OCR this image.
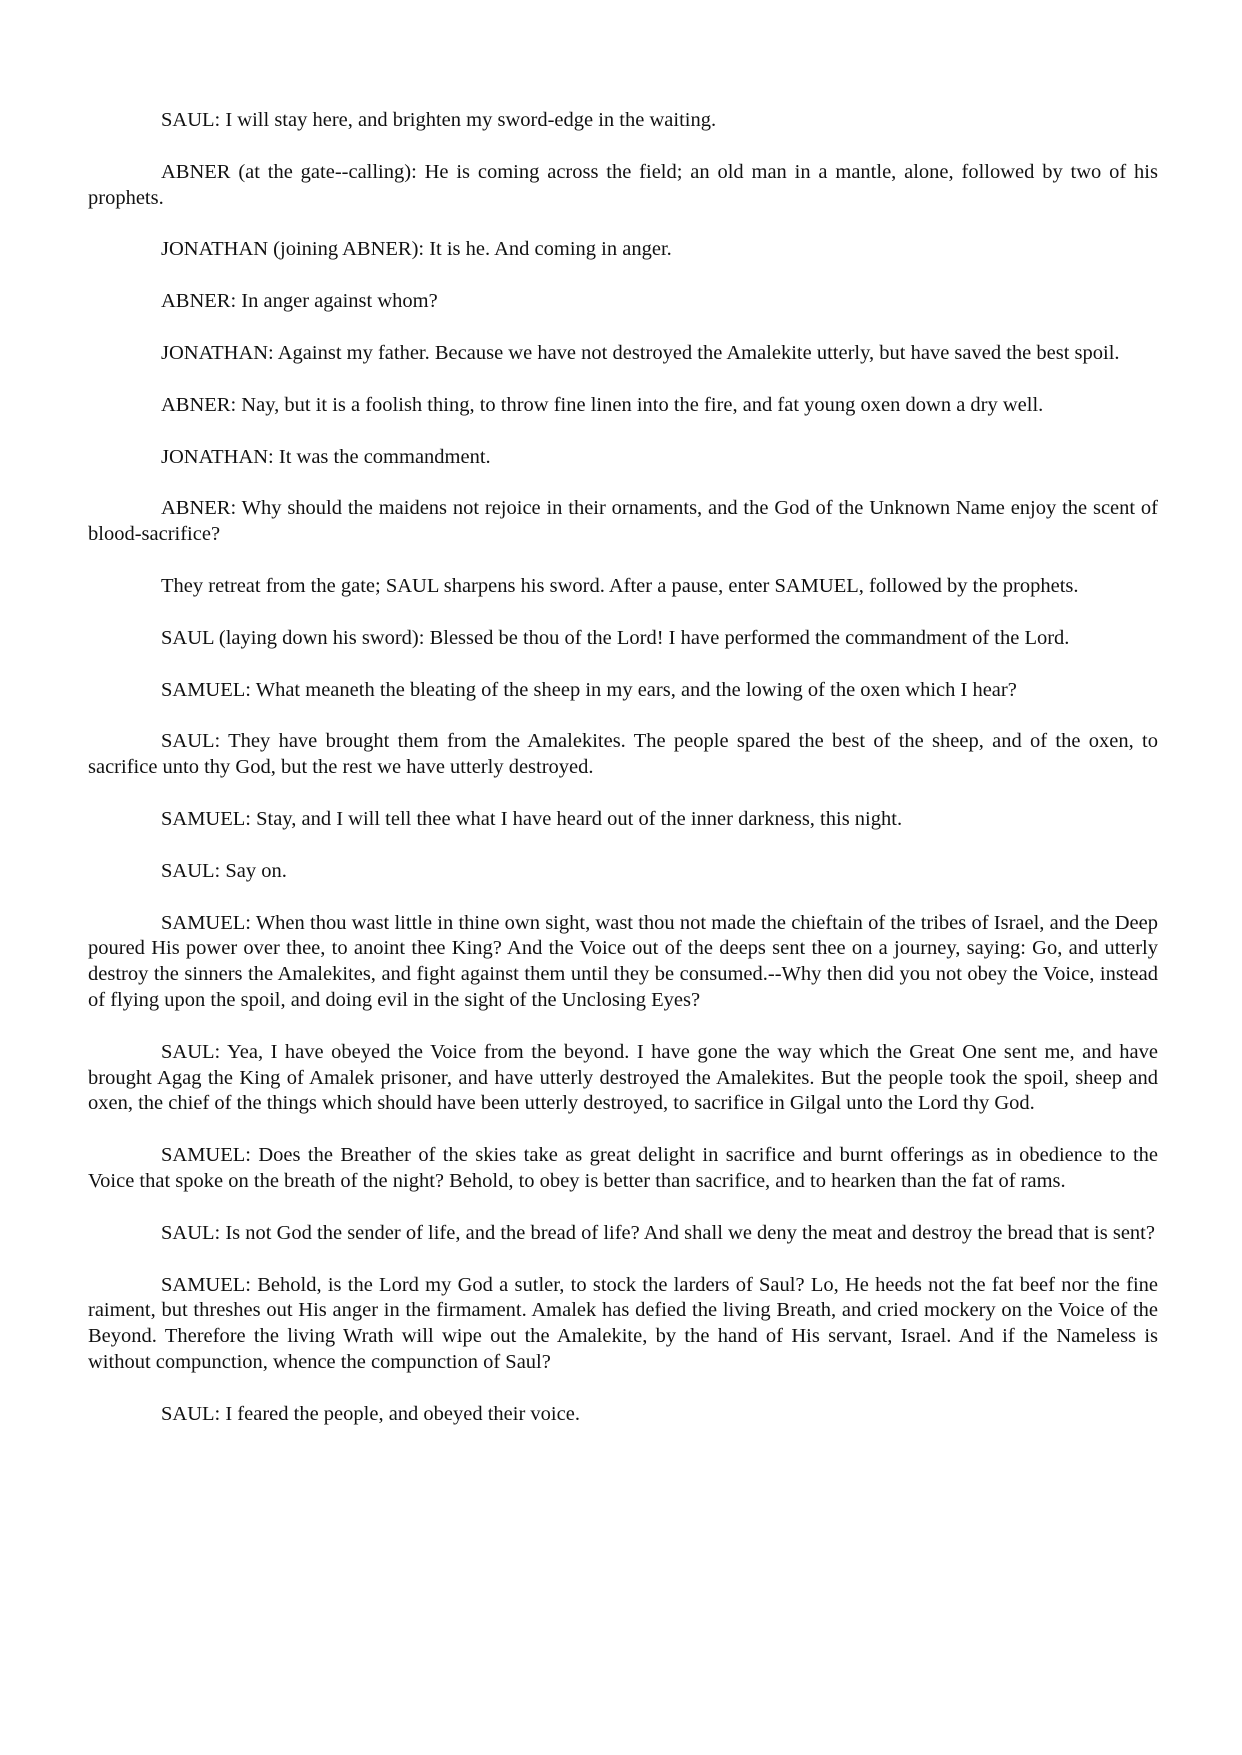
SAUL: I will stay here, and brighten my sword-edge in the waiting.

ABNER (at the gate--calling): He is coming across the field; an old man in a mantle, alone, followed by two of his prophets.

JONATHAN (joining ABNER): It is he. And coming in anger.

ABNER: In anger against whom?

JONATHAN: Against my father. Because we have not destroyed the Amalekite utterly, but have saved the best spoil.

ABNER: Nay, but it is a foolish thing, to throw fine linen into the fire, and fat young oxen down a dry well.

JONATHAN: It was the commandment.

ABNER: Why should the maidens not rejoice in their ornaments, and the God of the Unknown Name enjoy the scent of blood-sacrifice?

They retreat from the gate; SAUL sharpens his sword. After a pause, enter SAMUEL, followed by the prophets.

SAUL (laying down his sword): Blessed be thou of the Lord! I have performed the commandment of the Lord.

SAMUEL: What meaneth the bleating of the sheep in my ears, and the lowing of the oxen which I hear?

SAUL: They have brought them from the Amalekites. The people spared the best of the sheep, and of the oxen, to sacrifice unto thy God, but the rest we have utterly destroyed.

SAMUEL: Stay, and I will tell thee what I have heard out of the inner darkness, this night.

SAUL: Say on.

SAMUEL: When thou wast little in thine own sight, wast thou not made the chieftain of the tribes of Israel, and the Deep poured His power over thee, to anoint thee King? And the Voice out of the deeps sent thee on a journey, saying: Go, and utterly destroy the sinners the Amalekites, and fight against them until they be consumed.--Why then did you not obey the Voice, instead of flying upon the spoil, and doing evil in the sight of the Unclosing Eyes?

SAUL: Yea, I have obeyed the Voice from the beyond. I have gone the way which the Great One sent me, and have brought Agag the King of Amalek prisoner, and have utterly destroyed the Amalekites. But the people took the spoil, sheep and oxen, the chief of the things which should have been utterly destroyed, to sacrifice in Gilgal unto the Lord thy God.

SAMUEL: Does the Breather of the skies take as great delight in sacrifice and burnt offerings as in obedience to the Voice that spoke on the breath of the night? Behold, to obey is better than sacrifice, and to hearken than the fat of rams.

SAUL: Is not God the sender of life, and the bread of life? And shall we deny the meat and destroy the bread that is sent?

SAMUEL: Behold, is the Lord my God a sutler, to stock the larders of Saul? Lo, He heeds not the fat beef nor the fine raiment, but threshes out His anger in the firmament. Amalek has defied the living Breath, and cried mockery on the Voice of the Beyond. Therefore the living Wrath will wipe out the Amalekite, by the hand of His servant, Israel. And if the Nameless is without compunction, whence the compunction of Saul?

SAUL: I feared the people, and obeyed their voice.
